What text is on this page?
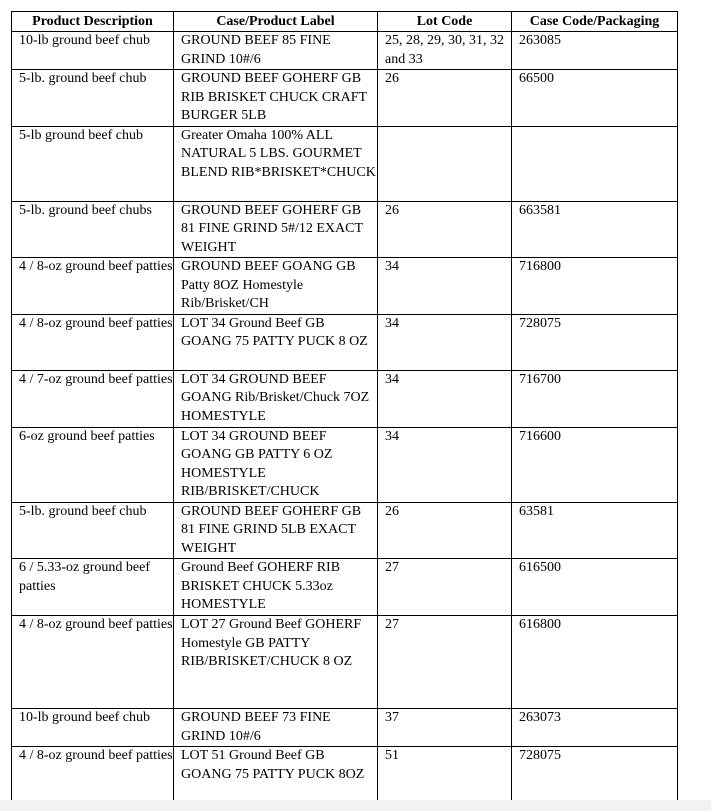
Product Description	Case/Product Label	Lot Code	Case Code/Packaging
10-lb ground beef chub	GROUND BEEF 85 FINE GRIND 10#/6	25, 28, 29, 30, 31, 32 and 33	263085
5-lb. ground beef chub	GROUND BEEF GOHERF GB RIB BRISKET CHUCK CRAFT BURGER 5LB	26	66500
5-lb ground beef chub	Greater Omaha 100% ALL NATURAL 5 LBS. GOURMET BLEND RIB*BRISKET*CHUCK		
5-lb. ground beef chubs	GROUND BEEF GOHERF GB 81 FINE GRIND 5#/12 EXACT WEIGHT	26	663581
4 / 8-oz ground beef patties	GROUND BEEF GOANG GB Patty 8OZ Homestyle Rib/Brisket/CH	34	716800
4 / 8-oz ground beef patties	LOT 34 Ground Beef GB GOANG 75 PATTY PUCK 8 OZ	34	728075
4 / 7-oz ground beef patties	LOT 34 GROUND BEEF GOANG Rib/Brisket/Chuck 7OZ HOMESTYLE	34	716700
6-oz ground beef patties	LOT 34 GROUND BEEF GOANG GB PATTY 6 OZ HOMESTYLE RIB/BRISKET/CHUCK	34	716600
5-lb. ground beef chub	GROUND BEEF GOHERF GB 81 FINE GRIND 5LB EXACT WEIGHT	26	63581
6 / 5.33-oz ground beef patties	Ground Beef GOHERF RIB BRISKET CHUCK 5.33oz HOMESTYLE	27	616500
4 / 8-oz ground beef patties	LOT 27 Ground Beef GOHERF Homestyle GB PATTY RIB/BRISKET/CHUCK 8 OZ	27	616800
10-lb ground beef chub	GROUND BEEF 73 FINE GRIND 10#/6	37	263073
4 / 8-oz ground beef patties	LOT 51 Ground Beef GB GOANG 75 PATTY PUCK 8OZ	51	728075
